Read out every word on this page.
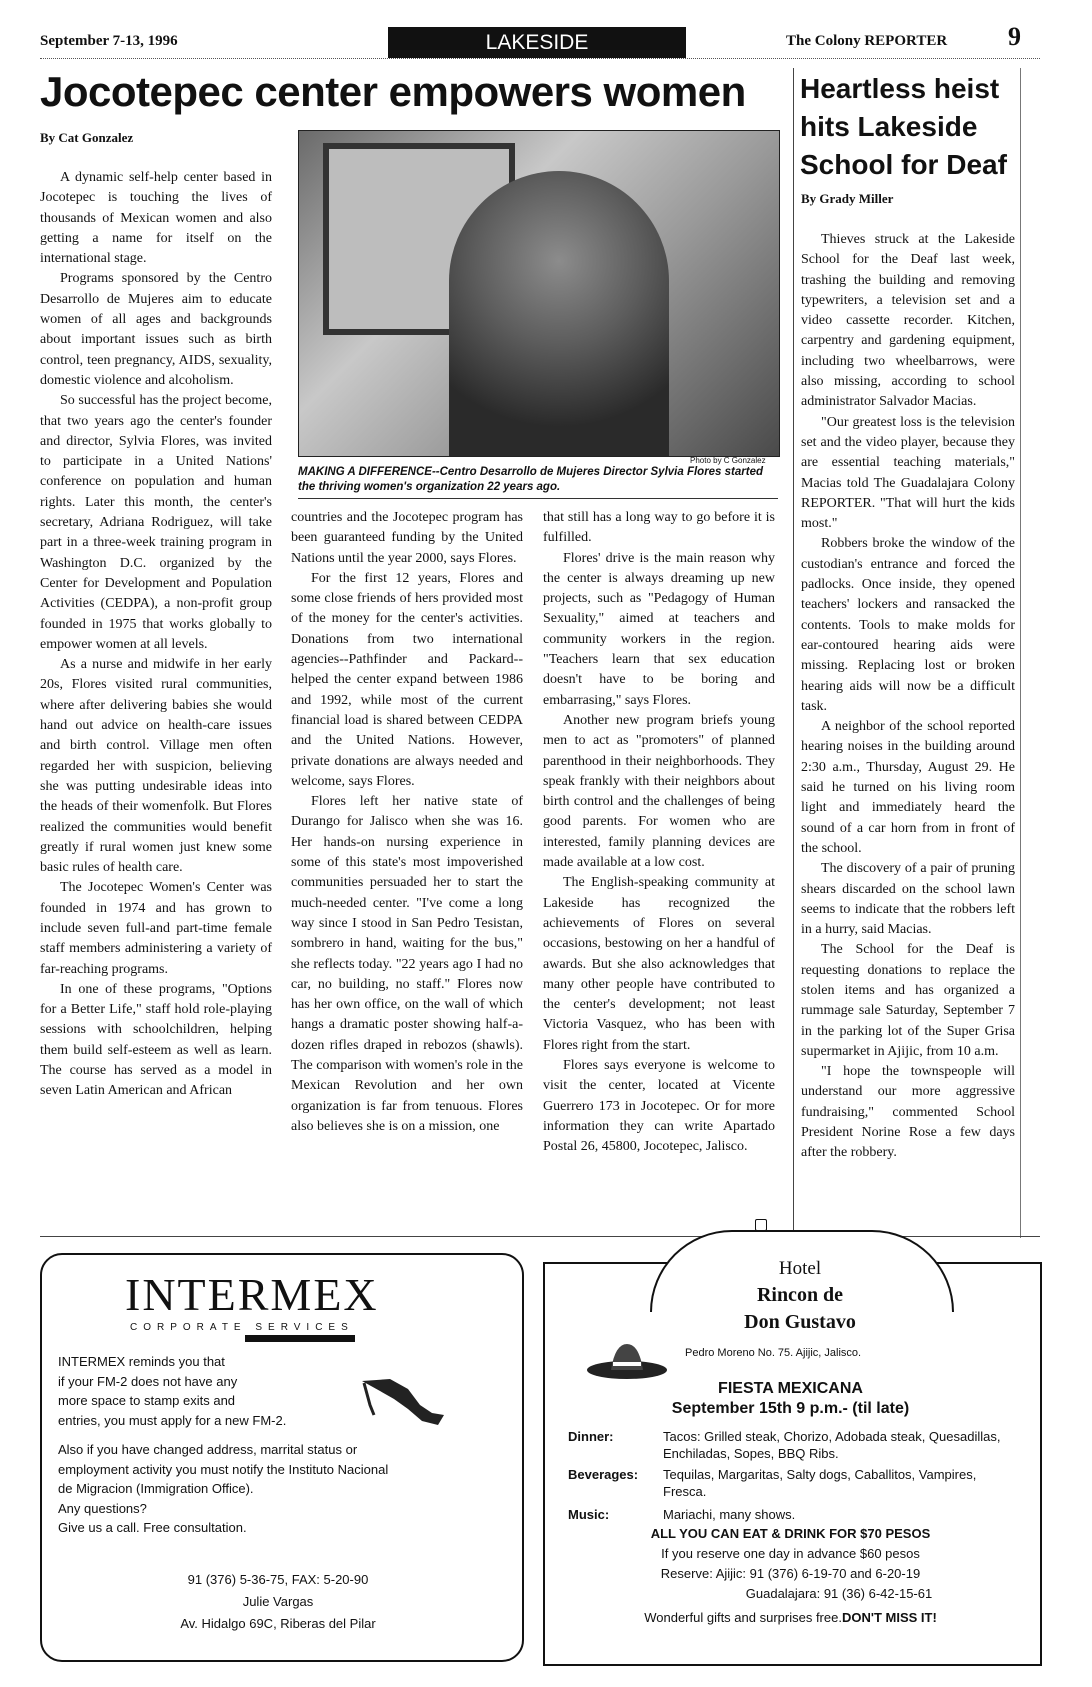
September 7-13, 1996	LAKESIDE	The Colony REPORTER 9
Jocotepec center empowers women
By Cat Gonzalez

A dynamic self-help center based in Jocotepec is touching the lives of thousands of Mexican women and also getting a name for itself on the international stage.

Programs sponsored by the Centro Desarrollo de Mujeres aim to educate women of all ages and backgrounds about important issues such as birth control, teen pregnancy, AIDS, sexuality, domestic violence and alcoholism.

So successful has the project become, that two years ago the center's founder and director, Sylvia Flores, was invited to participate in a United Nations' conference on population and human rights. Later this month, the center's secretary, Adriana Rodriguez, will take part in a three-week training program in Washington D.C. organized by the Center for Development and Population Activities (CEDPA), a non-profit group founded in 1975 that works globally to empower women at all levels.

As a nurse and midwife in her early 20s, Flores visited rural communities, where after delivering babies she would hand out advice on health-care issues and birth control. Village men often regarded her with suspicion, believing she was putting undesirable ideas into the heads of their womenfolk. But Flores realized the communities would benefit greatly if rural women just knew some basic rules of health care.

The Jocotepec Women's Center was founded in 1974 and has grown to include seven full-and part-time female staff members administering a variety of far-reaching programs.

In one of these programs, "Options for a Better Life," staff hold role-playing sessions with schoolchildren, helping them build self-esteem as well as learn. The course has served as a model in seven Latin American and African

Photo by C Gonzalez
MAKING A DIFFERENCE--Centro Desarrollo de Mujeres Director Sylvia Flores started the thriving women's organization 22 years ago.

countries and the Jocotepec program has been guaranteed funding by the United Nations until the year 2000, says Flores.

For the first 12 years, Flores and some close friends of hers provided most of the money for the center's activities. Donations from two international agencies--Pathfinder and Packard--helped the center expand between 1986 and 1992, while most of the current financial load is shared between CEDPA and the United Nations. However, private donations are always needed and welcome, says Flores.

Flores left her native state of Durango for Jalisco when she was 16. Her hands-on nursing experience in some of this state's most impoverished communities persuaded her to start the much-needed center. "I've come a long way since I stood in San Pedro Tesistan, sombrero in hand, waiting for the bus," she reflects today. "22 years ago I had no car, no building, no staff." Flores now has her own office, on the wall of which hangs a dramatic poster showing half-a-dozen rifles draped in rebozos (shawls). The comparison with women's role in the Mexican Revolution and her own organization is far from tenuous. Flores also believes she is on a mission, one

that still has a long way to go before it is fulfilled.

Flores' drive is the main reason why the center is always dreaming up new projects, such as "Pedagogy of Human Sexuality," aimed at teachers and community workers in the region. "Teachers learn that sex education doesn't have to be boring and embarrasing," says Flores.

Another new program briefs young men to act as "promoters" of planned parenthood in their neighborhoods. They speak frankly with their neighbors about birth control and the challenges of being good parents. For women who are interested, family planning devices are made available at a low cost.

The English-speaking community at Lakeside has recognized the achievements of Flores on several occasions, bestowing on her a handful of awards. But she also acknowledges that many other people have contributed to the center's development; not least Victoria Vasquez, who has been with Flores right from the start.

Flores says everyone is welcome to visit the center, located at Vicente Guerrero 173 in Jocotepec. Or for more information they can write Apartado Postal 26, 45800, Jocotepec, Jalisco.

Heartless heist hits Lakeside School for Deaf
By Grady Miller

Thieves struck at the Lakeside School for the Deaf last week, trashing the building and removing typewriters, a television set and a video cassette recorder. Kitchen, carpentry and gardening equipment, including two wheelbarrows, were also missing, according to school administrator Salvador Macias.

"Our greatest loss is the television set and the video player, because they are essential teaching materials," Macias told The Guadalajara Colony REPORTER. "That will hurt the kids most."

Robbers broke the window of the custodian's entrance and forced the padlocks. Once inside, they opened teachers' lockers and ransacked the contents. Tools to make molds for ear-contoured hearing aids were missing. Replacing lost or broken hearing aids will now be a difficult task.

A neighbor of the school reported hearing noises in the building around 2:30 a.m., Thursday, August 29. He said he turned on his living room light and immediately heard the sound of a car horn from in front of the school.

The discovery of a pair of pruning shears discarded on the school lawn seems to indicate that the robbers left in a hurry, said Macias.

The School for the Deaf is requesting donations to replace the stolen items and has organized a rummage sale Saturday, September 7 in the parking lot of the Super Grisa supermarket in Ajijic, from 10 a.m.

"I hope the townspeople will understand our more aggressive fundraising," commented School President Norine Rose a few days after the robbery.

INTERMEX
CORPORATE SERVICES
INTERMEX reminds you that
if your FM-2 does not have any
more space to stamp exits and
entries, you must apply for a new FM-2.
Also if you have changed address, marrital status or
employment activity you must notify the Instituto Nacional
de Migracion (Immigration Office).
Any questions?
Give us a call. Free consultation.
91 (376) 5-36-75, FAX: 5-20-90
Julie Vargas
Av. Hidalgo 69C, Riberas del Pilar
Hotel
Rincon de
Don Gustavo
Pedro Moreno No. 75. Ajijic, Jalisco.
FIESTA MEXICANA
September 15th 9 p.m.- (til late)
Dinner:	Tacos: Grilled steak, Chorizo, Adobada steak, Quesadillas, Enchiladas, Sopes, BBQ Ribs.
Beverages: Tequilas, Margaritas, Salty dogs, Caballitos, Vampires, Fresca.
Music:	Mariachi, many shows.
ALL YOU CAN EAT & DRINK FOR $70 PESOS
If you reserve one day in advance $60 pesos
Reserve: Ajijic: 91 (376) 6-19-70 and 6-20-19
Guadalajara: 91 (36) 6-42-15-61
Wonderful gifts and surprises free.DON'T MISS IT!
